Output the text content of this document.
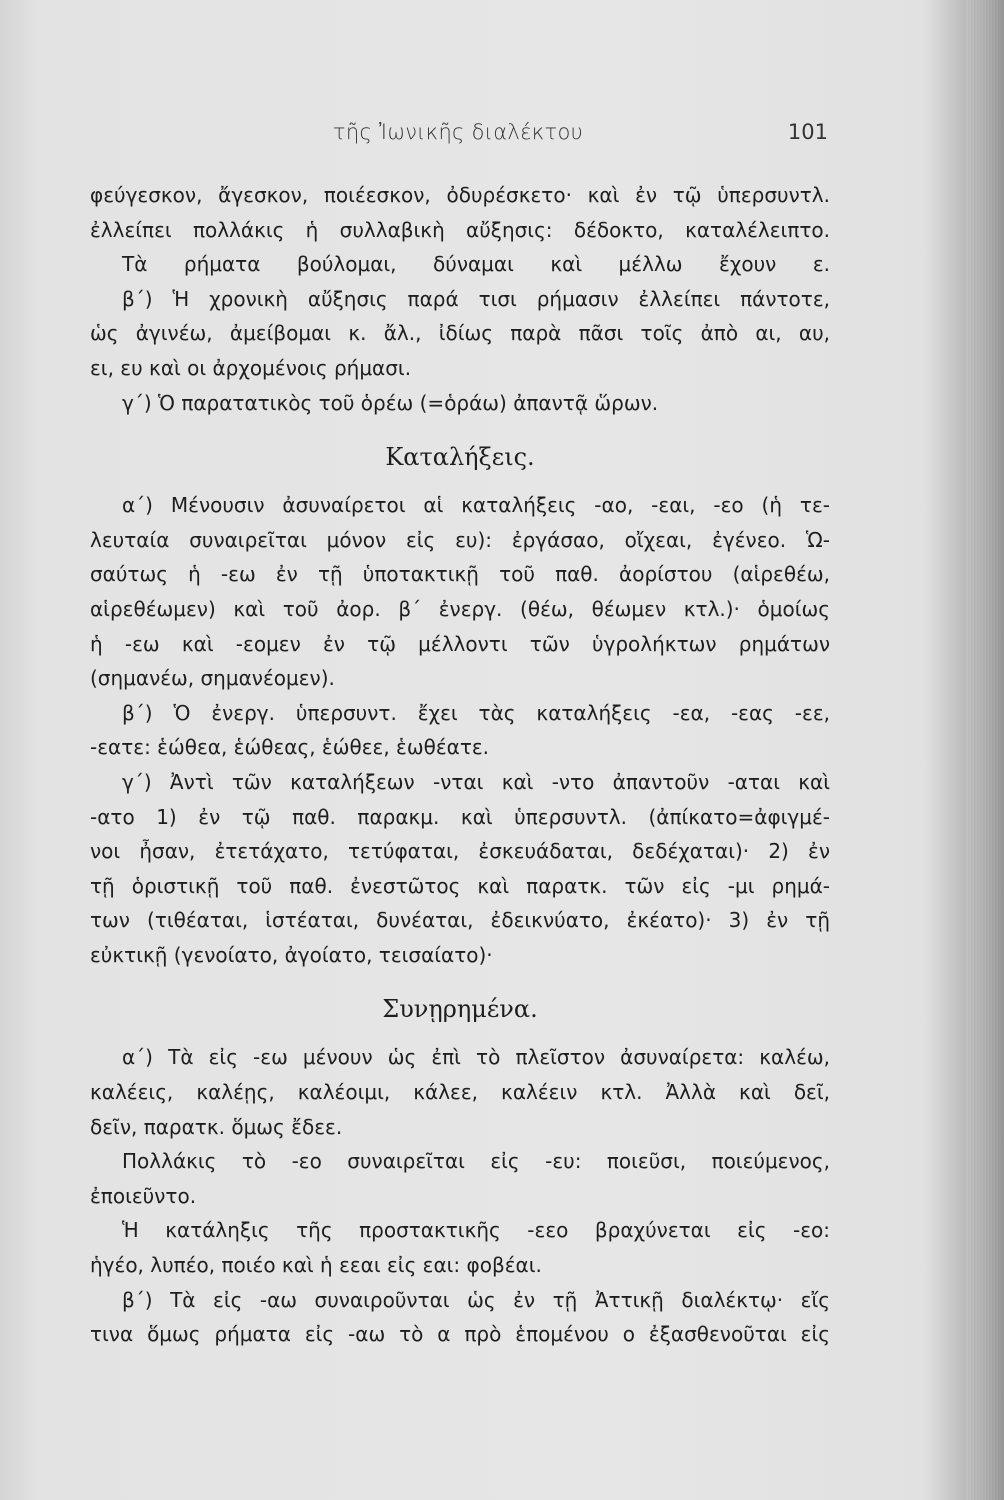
τῆς Ἰωνικῆς διαλέκτου	101
φεύγεσκον, ἄγεσκον, ποιέεσκον, ὀδυρέσκετο· καὶ ἐν τῷ ὑπερσυντλ.
ἐλλείπει πολλάκις ἡ συλλαβικὴ αὔξησις: δέδοκτο, καταλέλειπτο.
Τὰ ρήματα βούλομαι, δύναμαι καὶ μέλλω ἔχουν ε.
β΄) Ἡ χρονικὴ αὔξησις παρά τισι ρήμασιν ἐλλείπει πάντοτε,
ὡς ἀγινέω, ἀμείβομαι κ. ἄλ., ἰδίως παρὰ πᾶσι τοῖς ἀπὸ αι, αυ,
ει, ευ καὶ οι ἀρχομένοις ρήμασι.
γ΄) Ὁ παρατατικὸς τοῦ ὁρέω (=ὁράω) ἀπαντᾷ ὥρων.
Καταλήξεις.
α΄) Μένουσιν ἀσυναίρετοι αἱ καταλήξεις -αο, -εαι, -εο (ἡ τε-
λευταία συναιρεῖται μόνον εἰς ευ): ἐργάσαο, οἴχεαι, ἐγένεο. Ὡ-
σαύτως ἡ -εω ἐν τῇ ὑποτακτικῇ τοῦ παθ. ἀορίστου (αἱρεθέω,
αἱρεθέωμεν) καὶ τοῦ ἀορ. β΄ ἐνεργ. (θέω, θέωμεν κτλ.)· ὁμοίως
ἡ -εω καὶ -εομεν ἐν τῷ μέλλοντι τῶν ὑγρολήκτων ρημάτων
(σημανέω, σημανέομεν).
β΄) Ὁ ἐνεργ. ὑπερσυντ. ἔχει τὰς καταλήξεις -εα, -εας -εε,
-εατε: ἑώθεα, ἑώθεας, ἑώθεε, ἑωθέατε.
γ΄) Ἀντὶ τῶν καταλήξεων -νται καὶ -ντο ἀπαντοῦν -αται καὶ
-ατο 1) ἐν τῷ παθ. παρακμ. καὶ ὑπερσυντλ. (ἀπίκατο=ἀφιγμέ-
νοι ἦσαν, ἐτετάχατο, τετύφαται, ἐσκευάδαται, δεδέχαται)· 2) ἐν
τῇ ὁριστικῇ τοῦ παθ. ἐνεστῶτος καὶ παρατκ. τῶν εἰς -μι ρημά-
των (τιθέαται, ἱστέαται, δυνέαται, ἐδεικνύατο, ἐκέατο)· 3) ἐν τῇ
εὐκτικῇ (γενοίατο, ἀγοίατο, τεισαίατο)·
Συνῃρημένα.
α΄) Τὰ εἰς -εω μένουν ὡς ἐπὶ τὸ πλεῖστον ἀσυναίρετα: καλέω,
καλέεις, καλέῃς, καλέοιμι, κάλεε, καλέειν κτλ. Ἀλλὰ καὶ δεῖ,
δεῖν, παρατκ. ὅμως ἔδεε.
Πολλάκις τὸ -εο συναιρεῖται εἰς -ευ: ποιεῦσι, ποιεύμενος,
ἐποιεῦντο.
Ἡ κατάληξις τῆς προστακτικῆς -εεο βραχύνεται εἰς -εο:
ἡγέο, λυπέο, ποιέο καὶ ἡ εεαι εἰς εαι: φοβέαι.
β΄) Τὰ εἰς -αω συναιροῦνται ὡς ἐν τῇ Ἀττικῇ διαλέκτῳ· εἴς
τινα ὅμως ρήματα εἰς -αω τὸ α πρὸ ἑπομένου ο ἐξασθενοῦται εἰς
